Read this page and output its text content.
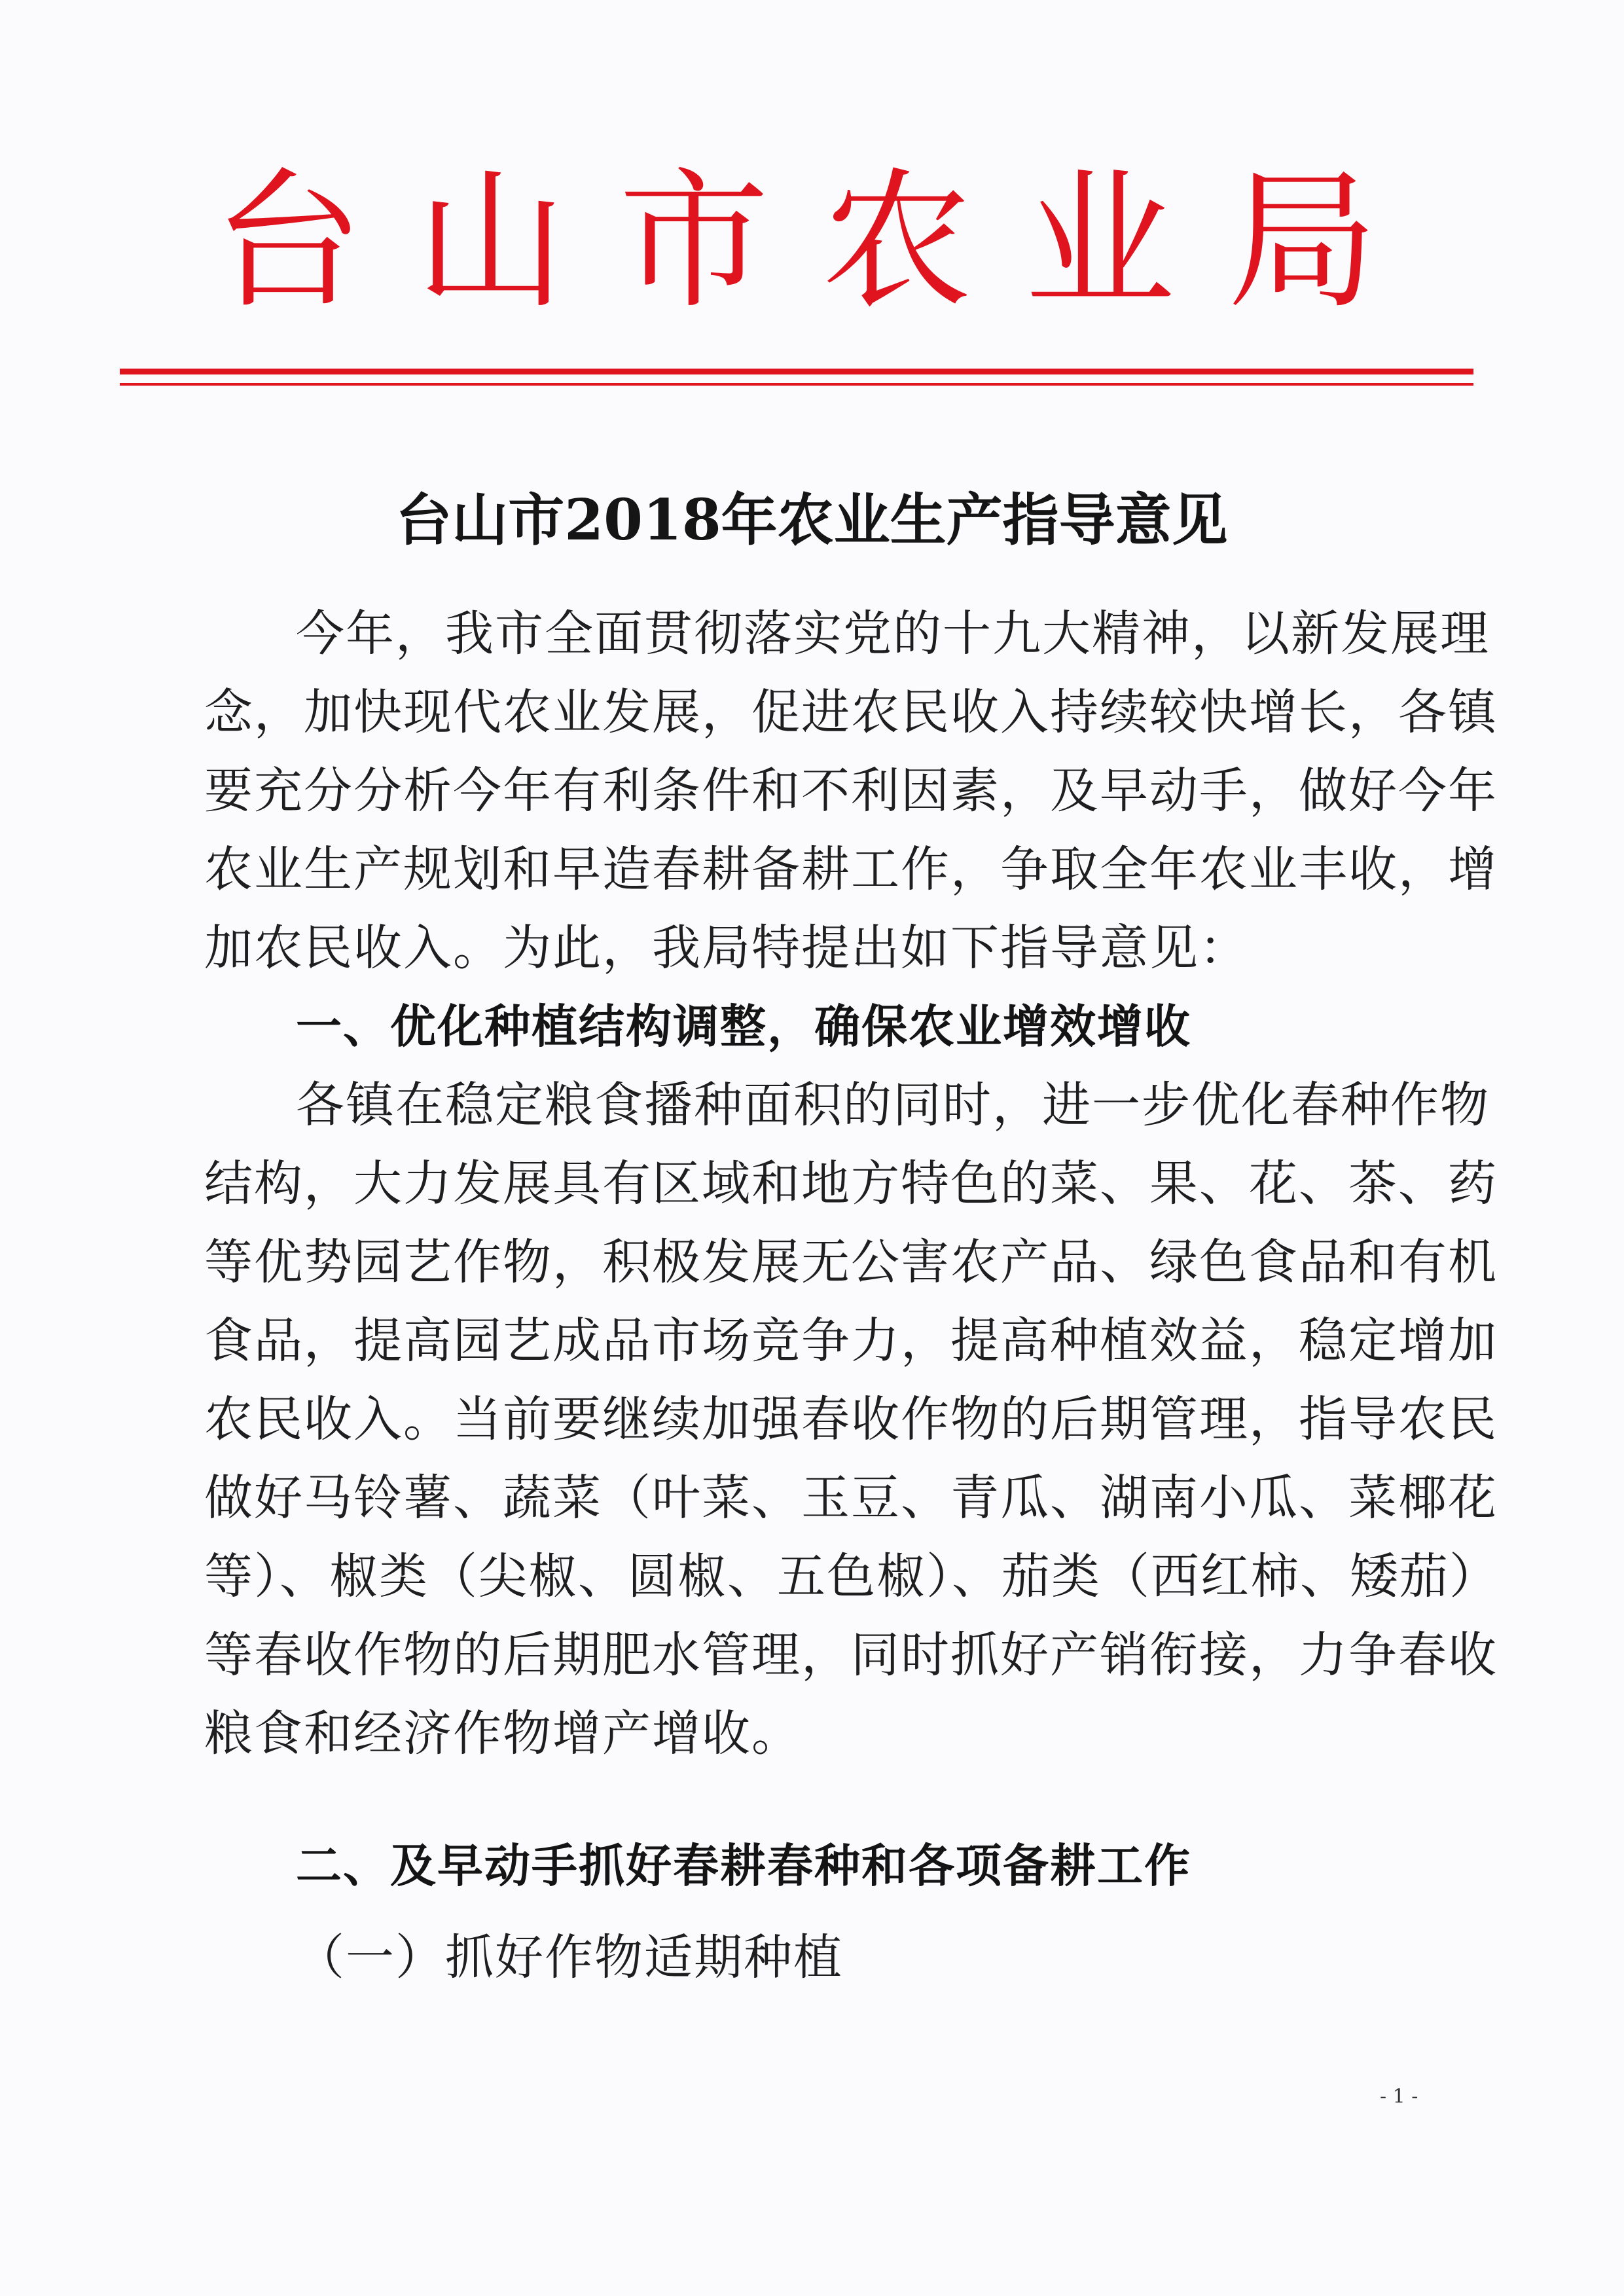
台山市农业局
台山市2018年农业生产指导意见
今年，我市全面贯彻落实党的十九大精神，以新发展理
念，加快现代农业发展，促进农民收入持续较快增长，各镇
要充分分析今年有利条件和不利因素，及早动手，做好今年
农业生产规划和早造春耕备耕工作，争取全年农业丰收，增
加农民收入。为此，我局特提出如下指导意见：
一、优化种植结构调整，确保农业增效增收
各镇在稳定粮食播种面积的同时，进一步优化春种作物
结构，大力发展具有区域和地方特色的菜、果、花、茶、药
等优势园艺作物，积极发展无公害农产品、绿色食品和有机
食品，提高园艺成品市场竞争力，提高种植效益，稳定增加
农民收入。当前要继续加强春收作物的后期管理，指导农民
做好马铃薯、蔬菜（叶菜、玉豆、青瓜、湖南小瓜、菜椰花
等）、椒类（尖椒、圆椒、五色椒）、茄类（西红柿、矮茄）
等春收作物的后期肥水管理，同时抓好产销衔接，力争春收
粮食和经济作物增产增收。
二、及早动手抓好春耕春种和各项备耕工作
（一）抓好作物适期种植
- 1 -
